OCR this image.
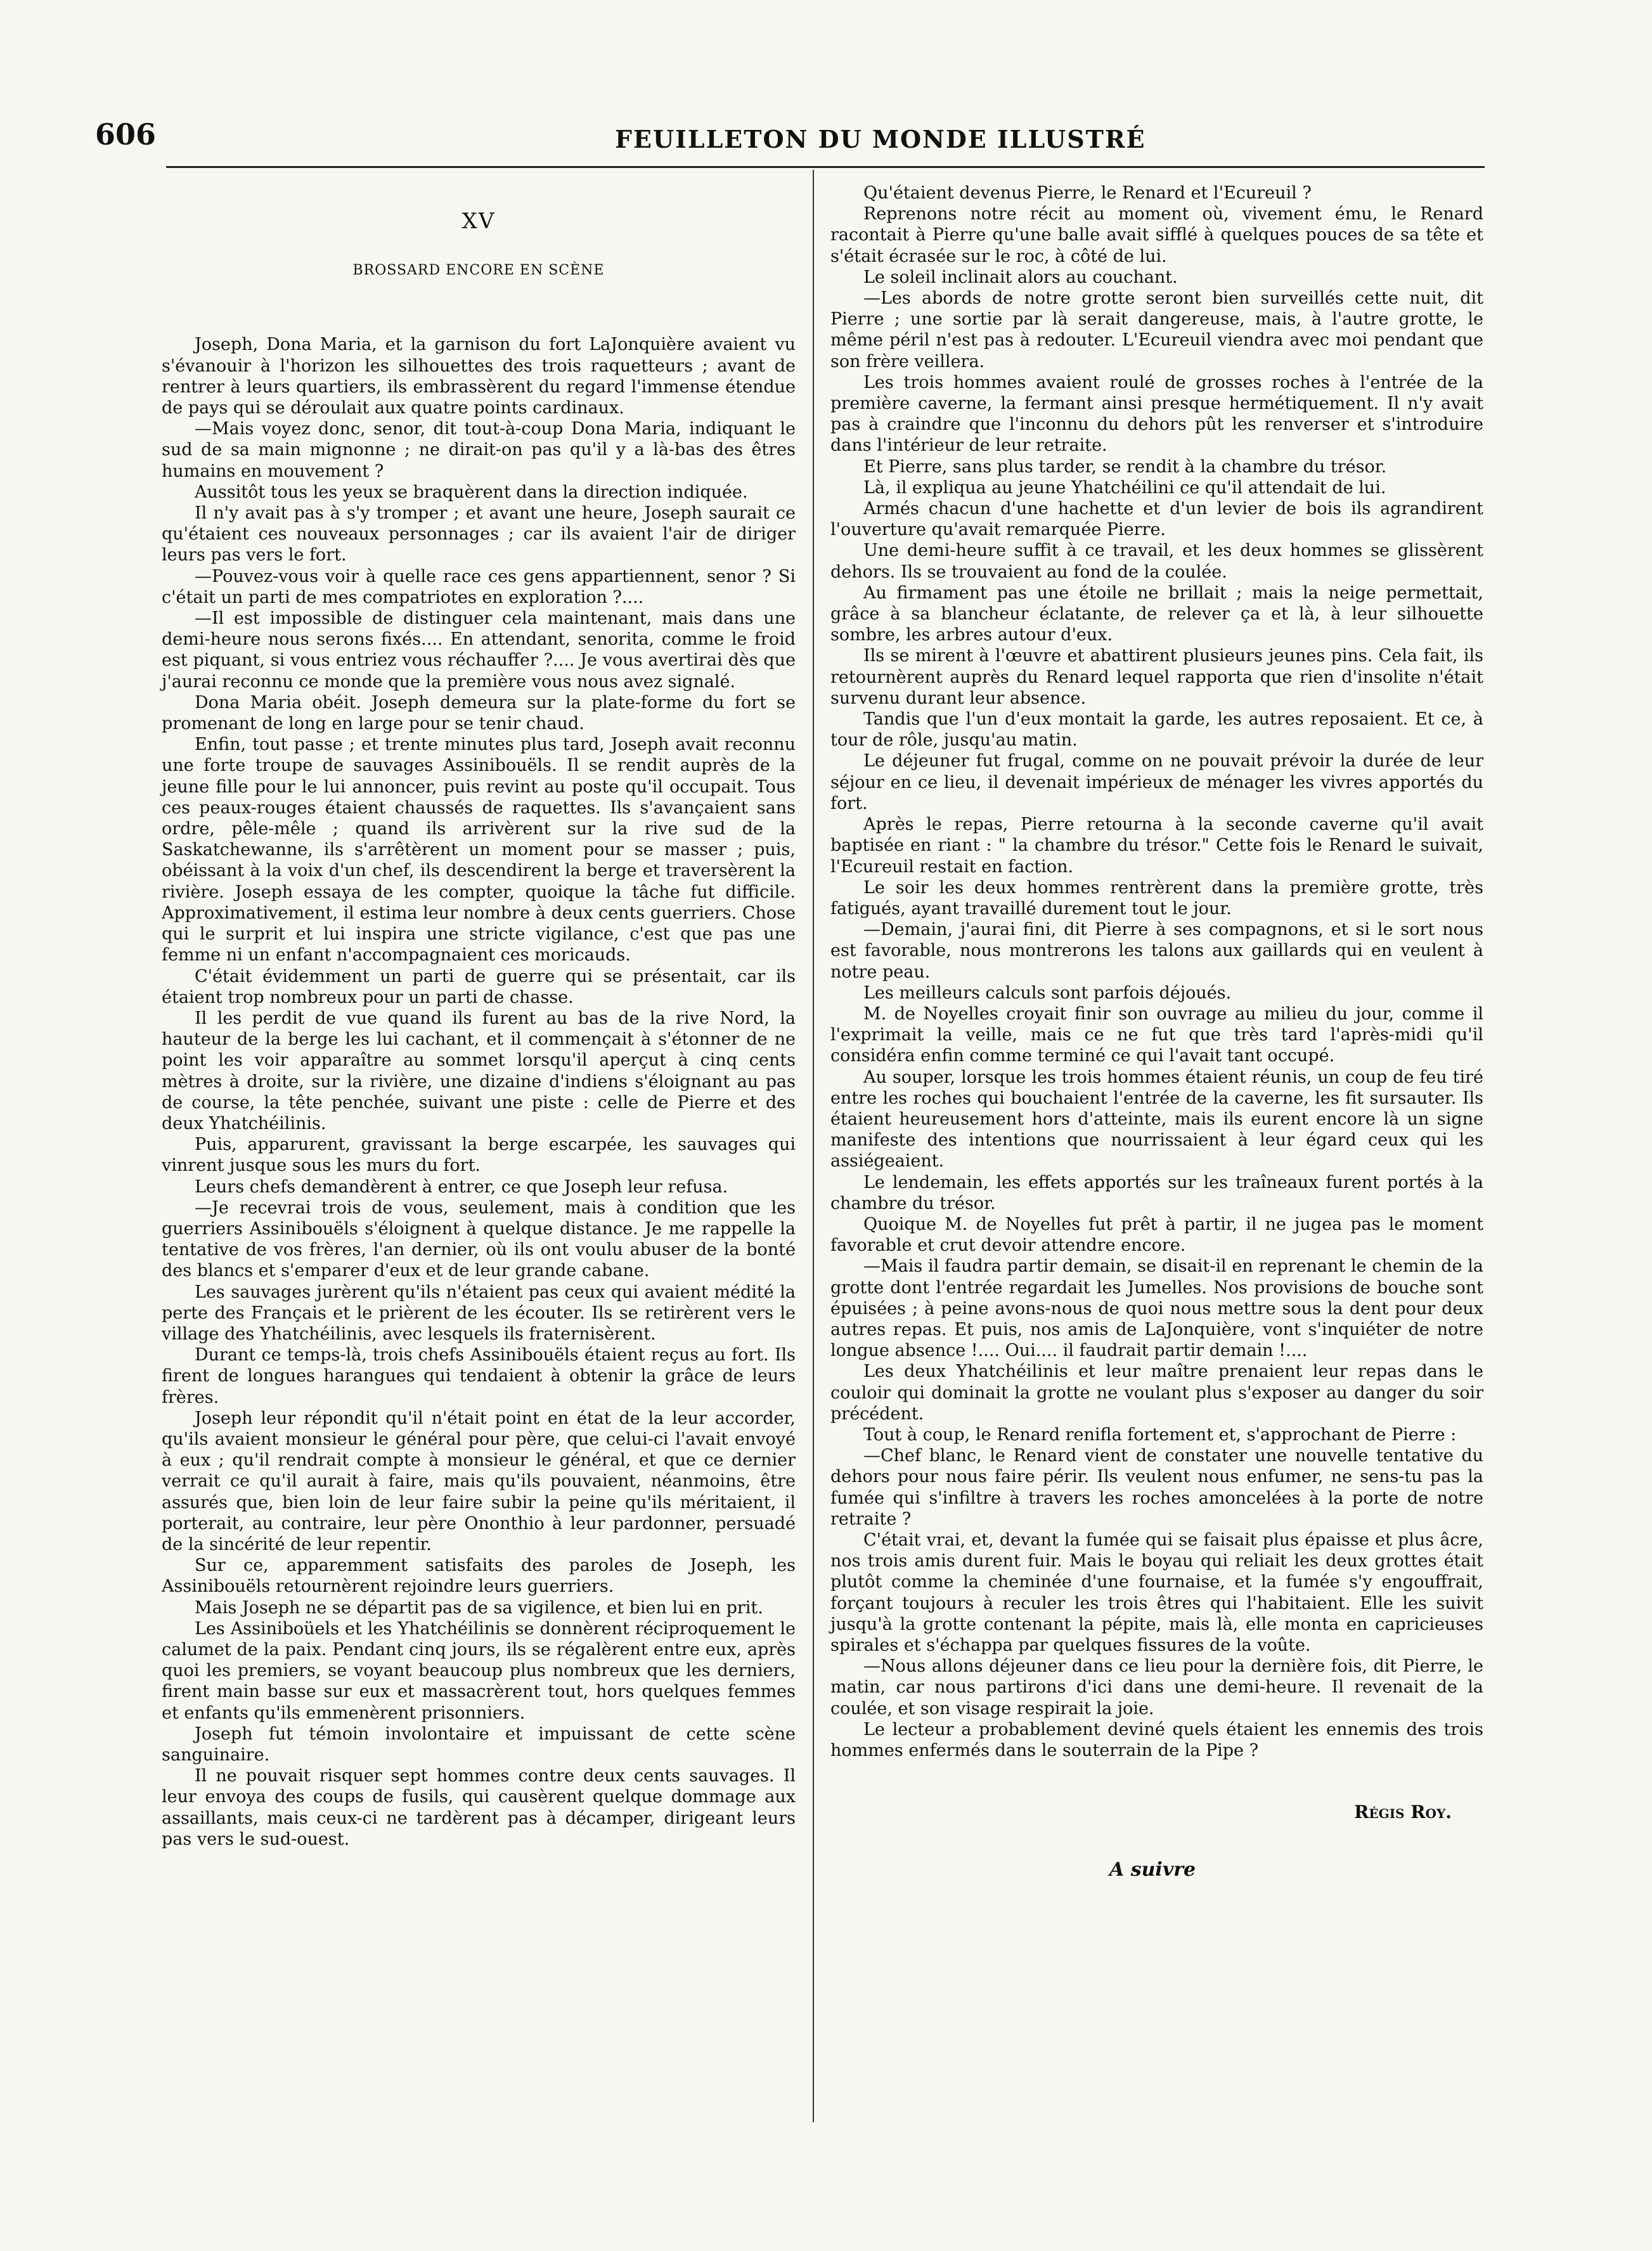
606	FEUILLETON DU MONDE ILLUSTRÉ
XV
BROSSARD ENCORE EN SCÈNE

Joseph, Dona Maria, et la garnison du fort LaJonquière avaient vu s'évanouir à l'horizon les silhouettes des trois raquetteurs ; avant de rentrer à leurs quartiers, ils embrassèrent du regard l'immense étendue de pays qui se déroulait aux quatre points cardinaux.

—Mais voyez donc, senor, dit tout-à-coup Dona Maria, indiquant le sud de sa main mignonne ; ne dirait-on pas qu'il y a là-bas des êtres humains en mouvement ?

Aussitôt tous les yeux se braquèrent dans la direction indiquée.

Il n'y avait pas à s'y tromper ; et avant une heure, Joseph saurait ce qu'étaient ces nouveaux personnages ; car ils avaient l'air de diriger leurs pas vers le fort.

—Pouvez-vous voir à quelle race ces gens appartiennent, senor ? Si c'était un parti de mes compatriotes en exploration ?....

—Il est impossible de distinguer cela maintenant, mais dans une demi-heure nous serons fixés.... En attendant, senorita, comme le froid est piquant, si vous entriez vous réchauffer ?.... Je vous avertirai dès que j'aurai reconnu ce monde que la première vous nous avez signalé.

Dona Maria obéit. Joseph demeura sur la plate-forme du fort se promenant de long en large pour se tenir chaud.

Enfin, tout passe ; et trente minutes plus tard, Joseph avait reconnu une forte troupe de sauvages Assinibouëls. Il se rendit auprès de la jeune fille pour le lui annoncer, puis revint au poste qu'il occupait. Tous ces peaux-rouges étaient chaussés de raquettes. Ils s'avançaient sans ordre, pêle-mêle ; quand ils arrivèrent sur la rive sud de la Saskatchewanne, ils s'arrêtèrent un moment pour se masser ; puis, obéissant à la voix d'un chef, ils descendirent la berge et traversèrent la rivière. Joseph essaya de les compter, quoique la tâche fut difficile. Approximativement, il estima leur nombre à deux cents guerriers. Chose qui le surprit et lui inspira une stricte vigilance, c'est que pas une femme ni un enfant n'accompagnaient ces moricauds.

C'était évidemment un parti de guerre qui se présentait, car ils étaient trop nombreux pour un parti de chasse.

Il les perdit de vue quand ils furent au bas de la rive Nord, la hauteur de la berge les lui cachant, et il commençait à s'étonner de ne point les voir apparaître au sommet lorsqu'il aperçut à cinq cents mètres à droite, sur la rivière, une dizaine d'indiens s'éloignant au pas de course, la tête penchée, suivant une piste : celle de Pierre et des deux Yhatchéilinis.

Puis, apparurent, gravissant la berge escarpée, les sauvages qui vinrent jusque sous les murs du fort.

Leurs chefs demandèrent à entrer, ce que Joseph leur refusa.

—Je recevrai trois de vous, seulement, mais à condition que les guerriers Assinibouëls s'éloignent à quelque distance. Je me rappelle la tentative de vos frères, l'an dernier, où ils ont voulu abuser de la bonté des blancs et s'emparer d'eux et de leur grande cabane.

Les sauvages jurèrent qu'ils n'étaient pas ceux qui avaient médité la perte des Français et le prièrent de les écouter. Ils se retirèrent vers le village des Yhatchéilinis, avec lesquels ils fraternisèrent.

Durant ce temps-là, trois chefs Assinibouëls étaient reçus au fort. Ils firent de longues harangues qui tendaient à obtenir la grâce de leurs frères.

Joseph leur répondit qu'il n'était point en état de la leur accorder, qu'ils avaient monsieur le général pour père, que celui-ci l'avait envoyé à eux ; qu'il rendrait compte à monsieur le général, et que ce dernier verrait ce qu'il aurait à faire, mais qu'ils pouvaient, néanmoins, être assurés que, bien loin de leur faire subir la peine qu'ils méritaient, il porterait, au contraire, leur père Ononthio à leur pardonner, persuadé de la sincérité de leur repentir.

Sur ce, apparemment satisfaits des paroles de Joseph, les Assinibouëls retournèrent rejoindre leurs guerriers.

Mais Joseph ne se départit pas de sa vigilence, et bien lui en prit.

Les Assiniboüels et les Yhatchéilinis se donnèrent réciproquement le calumet de la paix. Pendant cinq jours, ils se régalèrent entre eux, après quoi les premiers, se voyant beaucoup plus nombreux que les derniers, firent main basse sur eux et massacrèrent tout, hors quelques femmes et enfants qu'ils emmenèrent prisonniers.

Joseph fut témoin involontaire et impuissant de cette scène sanguinaire.

Il ne pouvait risquer sept hommes contre deux cents sauvages. Il leur envoya des coups de fusils, qui causèrent quelque dommage aux assaillants, mais ceux-ci ne tardèrent pas à décamper, dirigeant leurs pas vers le sud-ouest.

Qu'étaient devenus Pierre, le Renard et l'Ecureuil ?

Reprenons notre récit au moment où, vivement ému, le Renard racontait à Pierre qu'une balle avait sifflé à quelques pouces de sa tête et s'était écrasée sur le roc, à côté de lui.

Le soleil inclinait alors au couchant.

—Les abords de notre grotte seront bien surveillés cette nuit, dit Pierre ; une sortie par là serait dangereuse, mais, à l'autre grotte, le même péril n'est pas à redouter. L'Ecureuil viendra avec moi pendant que son frère veillera.

Les trois hommes avaient roulé de grosses roches à l'entrée de la première caverne, la fermant ainsi presque hermétiquement. Il n'y avait pas à craindre que l'inconnu du dehors pût les renverser et s'introduire dans l'intérieur de leur retraite.

Et Pierre, sans plus tarder, se rendit à la chambre du trésor.

Là, il expliqua au jeune Yhatchéilini ce qu'il attendait de lui.

Armés chacun d'une hachette et d'un levier de bois ils agrandirent l'ouverture qu'avait remarquée Pierre.

Une demi-heure suffit à ce travail, et les deux hommes se glissèrent dehors. Ils se trouvaient au fond de la coulée.

Au firmament pas une étoile ne brillait ; mais la neige permettait, grâce à sa blancheur éclatante, de relever ça et là, à leur silhouette sombre, les arbres autour d'eux.

Ils se mirent à l'œuvre et abattirent plusieurs jeunes pins. Cela fait, ils retournèrent auprès du Renard lequel rapporta que rien d'insolite n'était survenu durant leur absence.

Tandis que l'un d'eux montait la garde, les autres reposaient. Et ce, à tour de rôle, jusqu'au matin.

Le déjeuner fut frugal, comme on ne pouvait prévoir la durée de leur séjour en ce lieu, il devenait impérieux de ménager les vivres apportés du fort.

Après le repas, Pierre retourna à la seconde caverne qu'il avait baptisée en riant : " la chambre du trésor." Cette fois le Renard le suivait, l'Ecureuil restait en faction.

Le soir les deux hommes rentrèrent dans la première grotte, très fatigués, ayant travaillé durement tout le jour.

—Demain, j'aurai fini, dit Pierre à ses compagnons, et si le sort nous est favorable, nous montrerons les talons aux gaillards qui en veulent à notre peau.

Les meilleurs calculs sont parfois déjoués.

M. de Noyelles croyait finir son ouvrage au milieu du jour, comme il l'exprimait la veille, mais ce ne fut que très tard l'après-midi qu'il considéra enfin comme terminé ce qui l'avait tant occupé.

Au souper, lorsque les trois hommes étaient réunis, un coup de feu tiré entre les roches qui bouchaient l'entrée de la caverne, les fit sursauter. Ils étaient heureusement hors d'atteinte, mais ils eurent encore là un signe manifeste des intentions que nourrissaient à leur égard ceux qui les assiégeaient.

Le lendemain, les effets apportés sur les traîneaux furent portés à la chambre du trésor.

Quoique M. de Noyelles fut prêt à partir, il ne jugea pas le moment favorable et crut devoir attendre encore.

—Mais il faudra partir demain, se disait-il en reprenant le chemin de la grotte dont l'entrée regardait les Jumelles. Nos provisions de bouche sont épuisées ; à peine avons-nous de quoi nous mettre sous la dent pour deux autres repas. Et puis, nos amis de LaJonquière, vont s'inquiéter de notre longue absence !.... Oui.... il faudrait partir demain !....

Les deux Yhatchéilinis et leur maître prenaient leur repas dans le couloir qui dominait la grotte ne voulant plus s'exposer au danger du soir précédent.

Tout à coup, le Renard renifla fortement et, s'approchant de Pierre :

—Chef blanc, le Renard vient de constater une nouvelle tentative du dehors pour nous faire périr. Ils veulent nous enfumer, ne sens-tu pas la fumée qui s'infiltre à travers les roches amoncelées à la porte de notre retraite ?

C'était vrai, et, devant la fumée qui se faisait plus épaisse et plus âcre, nos trois amis durent fuir. Mais le boyau qui reliait les deux grottes était plutôt comme la cheminée d'une fournaise, et la fumée s'y engouffrait, forçant toujours à reculer les trois êtres qui l'habitaient. Elle les suivit jusqu'à la grotte contenant la pépite, mais là, elle monta en capricieuses spirales et s'échappa par quelques fissures de la voûte.

—Nous allons déjeuner dans ce lieu pour la dernière fois, dit Pierre, le matin, car nous partirons d'ici dans une demi-heure. Il revenait de la coulée, et son visage respirait la joie.

Le lecteur a probablement deviné quels étaient les ennemis des trois hommes enfermés dans le souterrain de la Pipe ?

Régis Roy.
A suivre
